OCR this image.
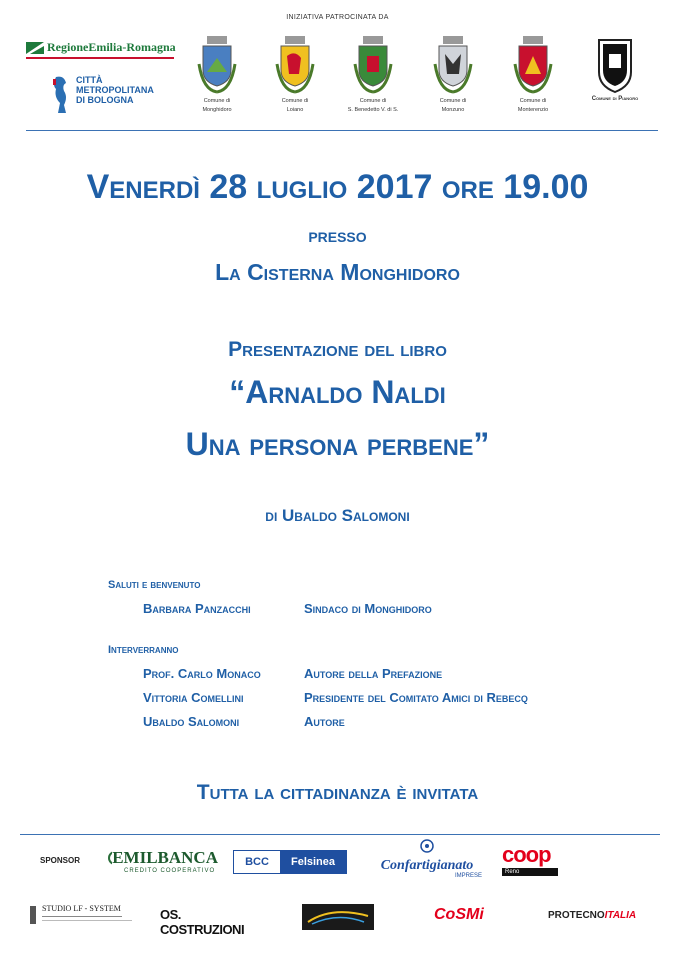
INIZIATIVA PATROCINATA DA
RegioneEmilia-Romagna
CITTÀ
METROPOLITANA
DI BOLOGNA	Comune di
Monghidoro
Comune di
Loiano
Comune di
S. Benedetto V. di S.
Comune di
Monzuno
Comune di
Monterenzio
Comune di Pianoro
Venerdì 28 luglio 2017 ore 19.00
presso
La Cisterna Monghidoro
Presentazione del libro
“Arnaldo Naldi
Una persona perbene”
di Ubaldo Salomoni
Saluti e benvenuto
Barbara Panzacchi	Sindaco di Monghidoro
Interverranno
Prof. Carlo Monaco	Autore della Prefazione
Vittoria Comellini	Presidente del Comitato Amici di Rebecq
Ubaldo Salomoni	Autore
Tutta la cittadinanza è invitata
SPONSOR EMILBANCA
CREDITO COOPERATIVO
BCC	Felsinea	Confartigianato
IMPRESE
coop
Reno
STUDIO LF - SYSTEM	OS. COSTRUZIONI
CoSMi	PROTECNO ITALIA
